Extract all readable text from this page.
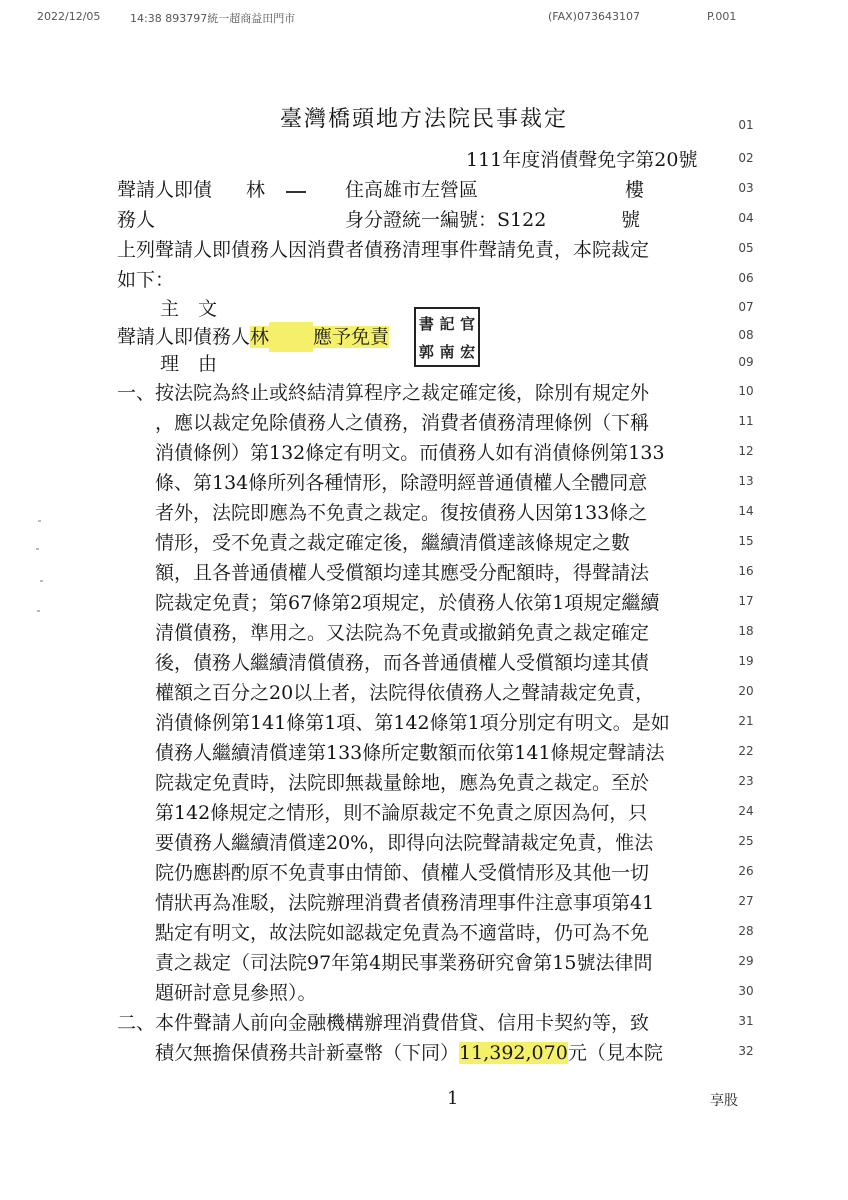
2022/12/05	14:38 893797統一超商益田門市	(FAX)073643107	P.001
臺灣橋頭地方法院民事裁定
111年度消債聲免字第20號
聲請人即債 林	住高雄市左營區	樓
務人	身分證統一編號：S122	號
上列聲請人即債務人因消費者債務清理事件聲請免責，本院裁定
如下：
主　文
聲請人即債務人林 應予免責
書 記 官
郭 南 宏
理　由
一、按法院為終止或終結清算程序之裁定確定後，除別有規定外
，應以裁定免除債務人之債務，消費者債務清理條例（下稱
消債條例）第132條定有明文。而債務人如有消債條例第133
條、第134條所列各種情形，除證明經普通債權人全體同意
者外，法院即應為不免責之裁定。復按債務人因第133條之
情形，受不免責之裁定確定後，繼續清償達該條規定之數
額，且各普通債權人受償額均達其應受分配額時，得聲請法
院裁定免責；第67條第2項規定，於債務人依第1項規定繼續
清償債務，準用之。又法院為不免責或撤銷免責之裁定確定
後，債務人繼續清償債務，而各普通債權人受償額均達其債
權額之百分之20以上者，法院得依債務人之聲請裁定免責，
消債條例第141條第1項、第142條第1項分別定有明文。是如
債務人繼續清償達第133條所定數額而依第141條規定聲請法
院裁定免責時，法院即無裁量餘地，應為免責之裁定。至於
第142條規定之情形，則不論原裁定不免責之原因為何，只
要債務人繼續清償達20%，即得向法院聲請裁定免責，惟法
院仍應斟酌原不免責事由情節、債權人受償情形及其他一切
情狀再為准駁，法院辦理消費者債務清理事件注意事項第41
點定有明文，故法院如認裁定免責為不適當時，仍可為不免
責之裁定（司法院97年第4期民事業務研究會第15號法律問
題研討意見參照）。
二、本件聲請人前向金融機構辦理消費借貸、信用卡契約等，致
積欠無擔保債務共計新臺幣（下同）11,392,070元（見本院
01
02
03
04
05
06
07
08
09
10
11
12
13
14
15
16
17
18
19
20
21
22
23
24
25
26
27
28
29
30
31
32
1	享股
